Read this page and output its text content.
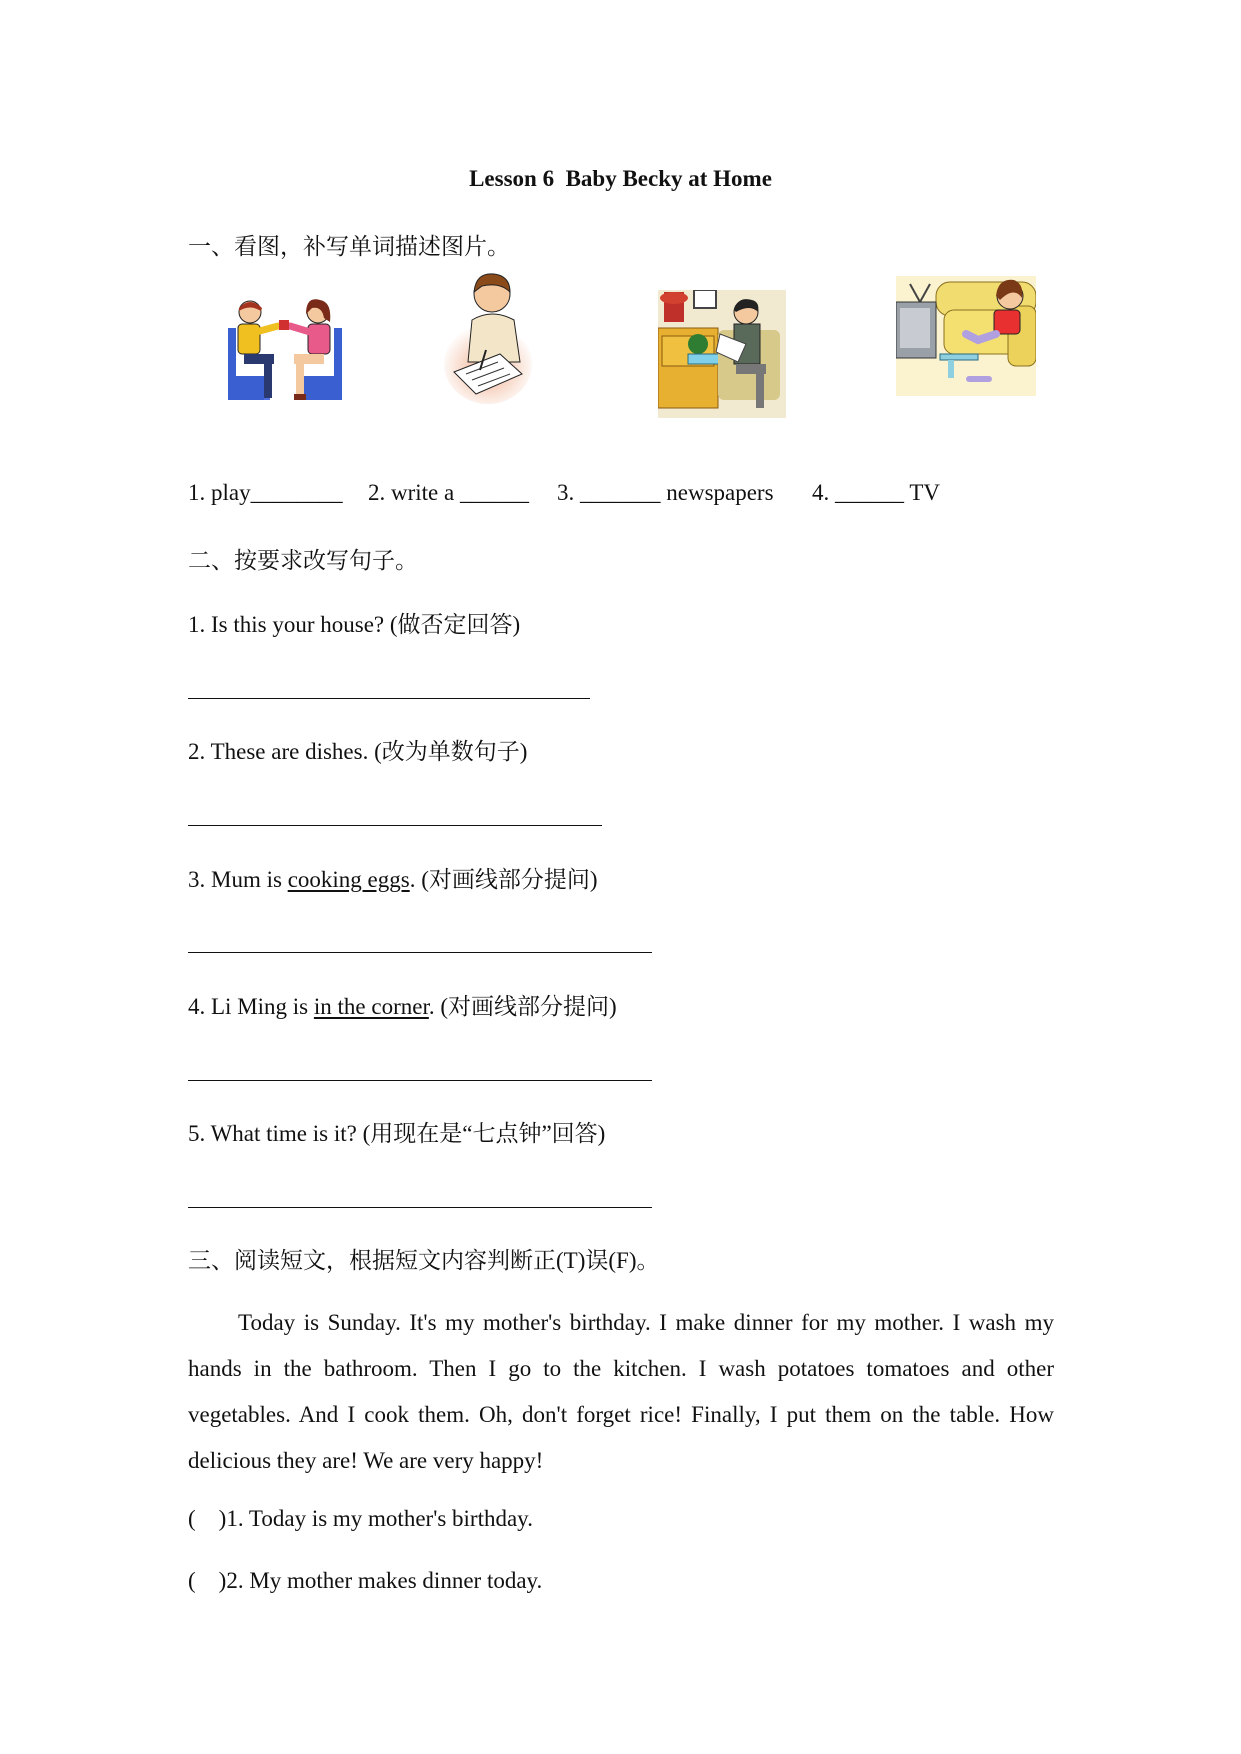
Lesson 6  Baby Becky at Home
一、看图，补写单词描述图片。
1. play________ 2. write a ______ 3. _______ newspapers 4. ______ TV
二、按要求改写句子。
1. Is this your house? (做否定回答)
2. These are dishes. (改为单数句子)
3. Mum is cooking eggs. (对画线部分提问)
4. Li Ming is in the corner. (对画线部分提问)
5. What time is it? (用现在是“七点钟”回答)
三、阅读短文，根据短文内容判断正(T)误(F)。
Today is Sunday. It's my mother's birthday. I make dinner for my mother. I wash my hands in the bathroom. Then I go to the kitchen. I wash potatoes tomatoes and other vegetables. And I cook them. Oh, don't forget rice! Finally, I put them on the table. How delicious they are! We are very happy!
(    )1. Today is my mother's birthday.
(    )2. My mother makes dinner today.
